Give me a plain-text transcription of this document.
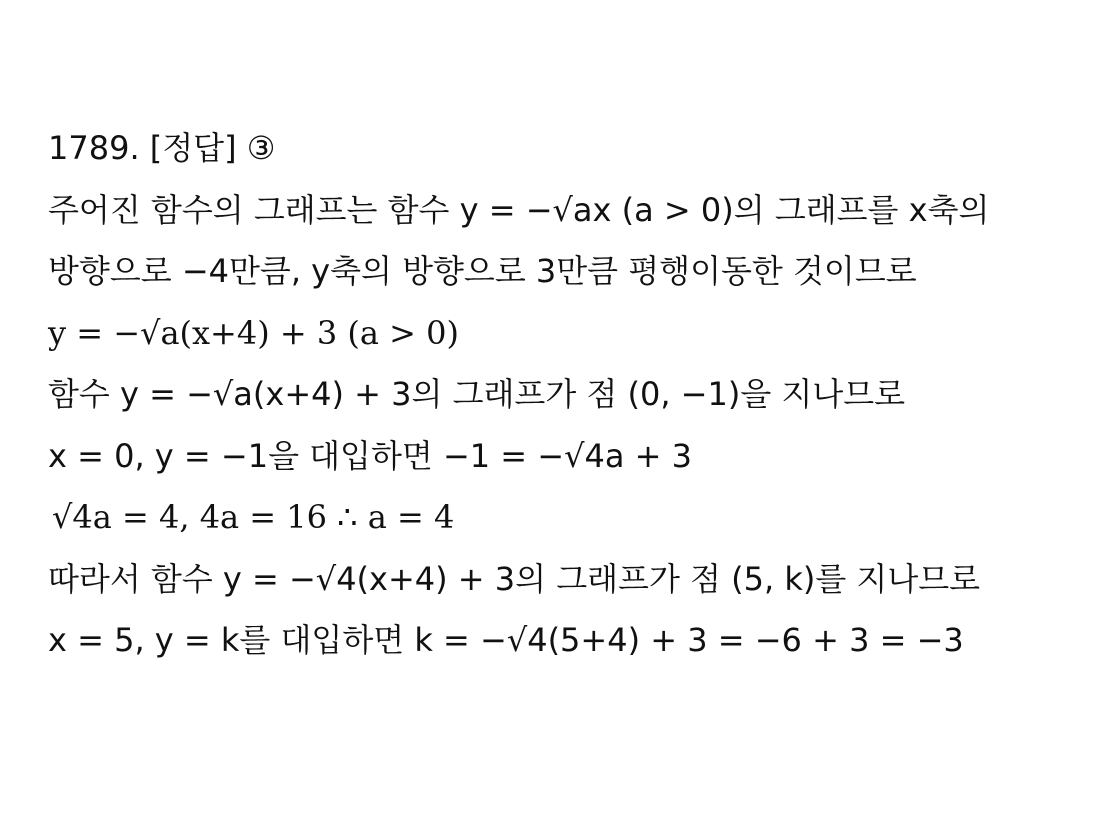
1789. [정답] ③
주어진 함수의 그래프는 함수 y = −√ax (a > 0)의 그래프를 x축의
방향으로 −4만큼, y축의 방향으로 3만큼 평행이동한 것이므로
y = −√a(x+4) + 3 (a > 0)
함수 y = −√a(x+4) + 3의 그래프가 점 (0, −1)을 지나므로
x = 0, y = −1을 대입하면 −1 = −√4a + 3
√4a = 4, 4a = 16 ∴ a = 4
따라서 함수 y = −√4(x+4) + 3의 그래프가 점 (5, k)를 지나므로
x = 5, y = k를 대입하면 k = −√4(5+4) + 3 = −6 + 3 = −3
